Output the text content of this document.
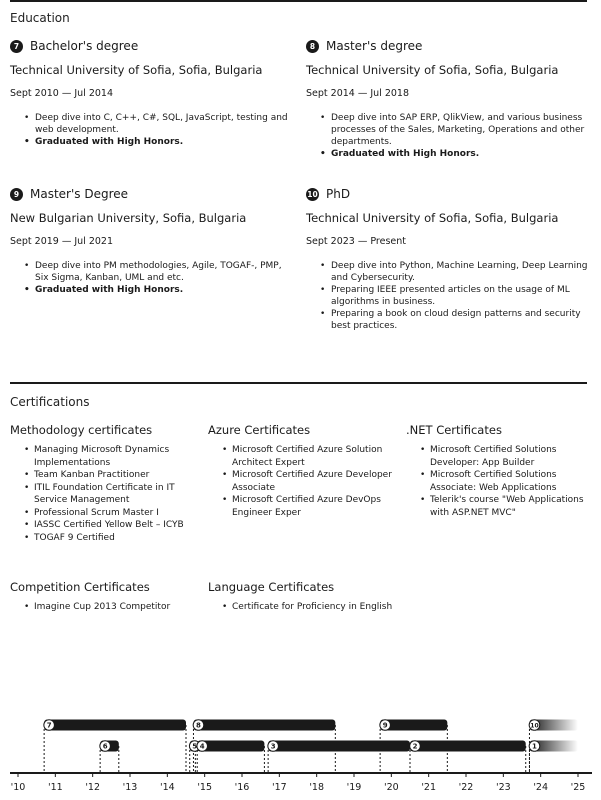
Education
7 Bachelor's degree
Technical University of Sofia, Sofia, Bulgaria
Sept 2010 — Jul 2014
• Deep dive into C, C++, C#, SQL, JavaScript, testing and web development.
• Graduated with High Honors.
8 Master's degree
Technical University of Sofia, Sofia, Bulgaria
Sept 2014 — Jul 2018
• Deep dive into SAP ERP, QlikView, and various business processes of the Sales, Marketing, Operations and other departments.
• Graduated with High Honors.
9 Master's Degree
New Bulgarian University, Sofia, Bulgaria
Sept 2019 — Jul 2021
• Deep dive into PM methodologies, Agile, TOGAF-, PMP, Six Sigma, Kanban, UML and etc.
• Graduated with High Honors.
10 PhD
Technical University of Sofia, Sofia, Bulgaria
Sept 2023 — Present
• Deep dive into Python, Machine Learning, Deep Learning and Cybersecurity.
• Preparing IEEE presented articles on the usage of ML algorithms in business.
• Preparing a book on cloud design patterns and security best practices.
Certifications
Methodology certificates
• Managing Microsoft Dynamics Implementations
• Team Kanban Practitioner
• ITIL Foundation Certificate in IT Service Management
• Professional Scrum Master I
• IASSC Certified Yellow Belt – ICYB
• TOGAF 9 Certified
Azure Certificates
• Microsoft Certified Azure Solution Architect Expert
• Microsoft Certified Azure Developer Associate
• Microsoft Certified Azure DevOps Engineer Exper
.NET Certificates
• Microsoft Certified Solutions Developer: App Builder
• Microsoft Certified Solutions Associate: Web Applications
• Telerik's course "Web Applications with ASP.NET MVC"
Competition Certificates
• Imagine Cup 2013 Competitor
Language Certificates
• Certificate for Proficiency in English
7	8	9	10
6	5 4	3	2	1
'10 '11 '12 '13 '14 '15 '16 '17 '18 '19 '20 '21 '22 '23 '24 '25
